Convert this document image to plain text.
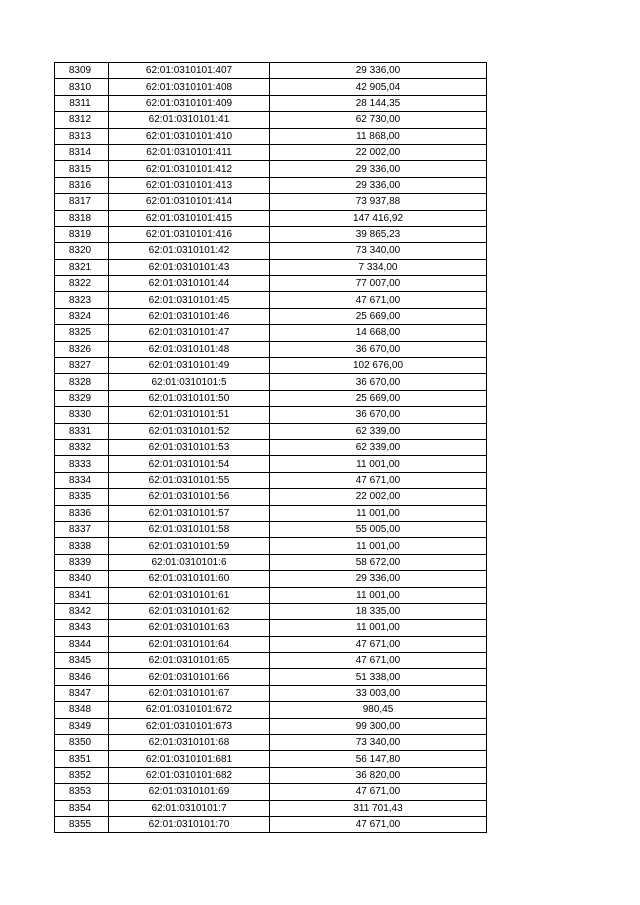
8309	62:01:0310101:407	29 336,00
8310	62:01:0310101:408	42 905,04
8311	62:01:0310101:409	28 144,35
8312	62:01:0310101:41	62 730,00
8313	62:01:0310101:410	11 868,00
8314	62:01:0310101:411	22 002,00
8315	62:01:0310101:412	29 336,00
8316	62:01:0310101:413	29 336,00
8317	62:01:0310101:414	73 937,88
8318	62:01:0310101:415	147 416,92
8319	62:01:0310101:416	39 865,23
8320	62:01:0310101:42	73 340,00
8321	62:01:0310101:43	7 334,00
8322	62:01:0310101:44	77 007,00
8323	62:01:0310101:45	47 671,00
8324	62:01:0310101:46	25 669,00
8325	62:01:0310101:47	14 668,00
8326	62:01:0310101:48	36 670,00
8327	62:01:0310101:49	102 676,00
8328	62:01:0310101:5	36 670,00
8329	62:01:0310101:50	25 669,00
8330	62:01:0310101:51	36 670,00
8331	62:01:0310101:52	62 339,00
8332	62:01:0310101:53	62 339,00
8333	62:01:0310101:54	11 001,00
8334	62:01:0310101:55	47 671,00
8335	62:01:0310101:56	22 002,00
8336	62:01:0310101:57	11 001,00
8337	62:01:0310101:58	55 005,00
8338	62:01:0310101:59	11 001,00
8339	62:01:0310101:6	58 672,00
8340	62:01:0310101:60	29 336,00
8341	62:01:0310101:61	11 001,00
8342	62:01:0310101:62	18 335,00
8343	62:01:0310101:63	11 001,00
8344	62:01:0310101:64	47 671,00
8345	62:01:0310101:65	47 671,00
8346	62:01:0310101:66	51 338,00
8347	62:01:0310101:67	33 003,00
8348	62:01:0310101:672	980,45
8349	62:01:0310101:673	99 300,00
8350	62:01:0310101:68	73 340,00
8351	62:01:0310101:681	56 147,80
8352	62:01:0310101:682	36 820,00
8353	62:01:0310101:69	47 671,00
8354	62:01:0310101:7	311 701,43
8355	62:01:0310101:70	47 671,00
